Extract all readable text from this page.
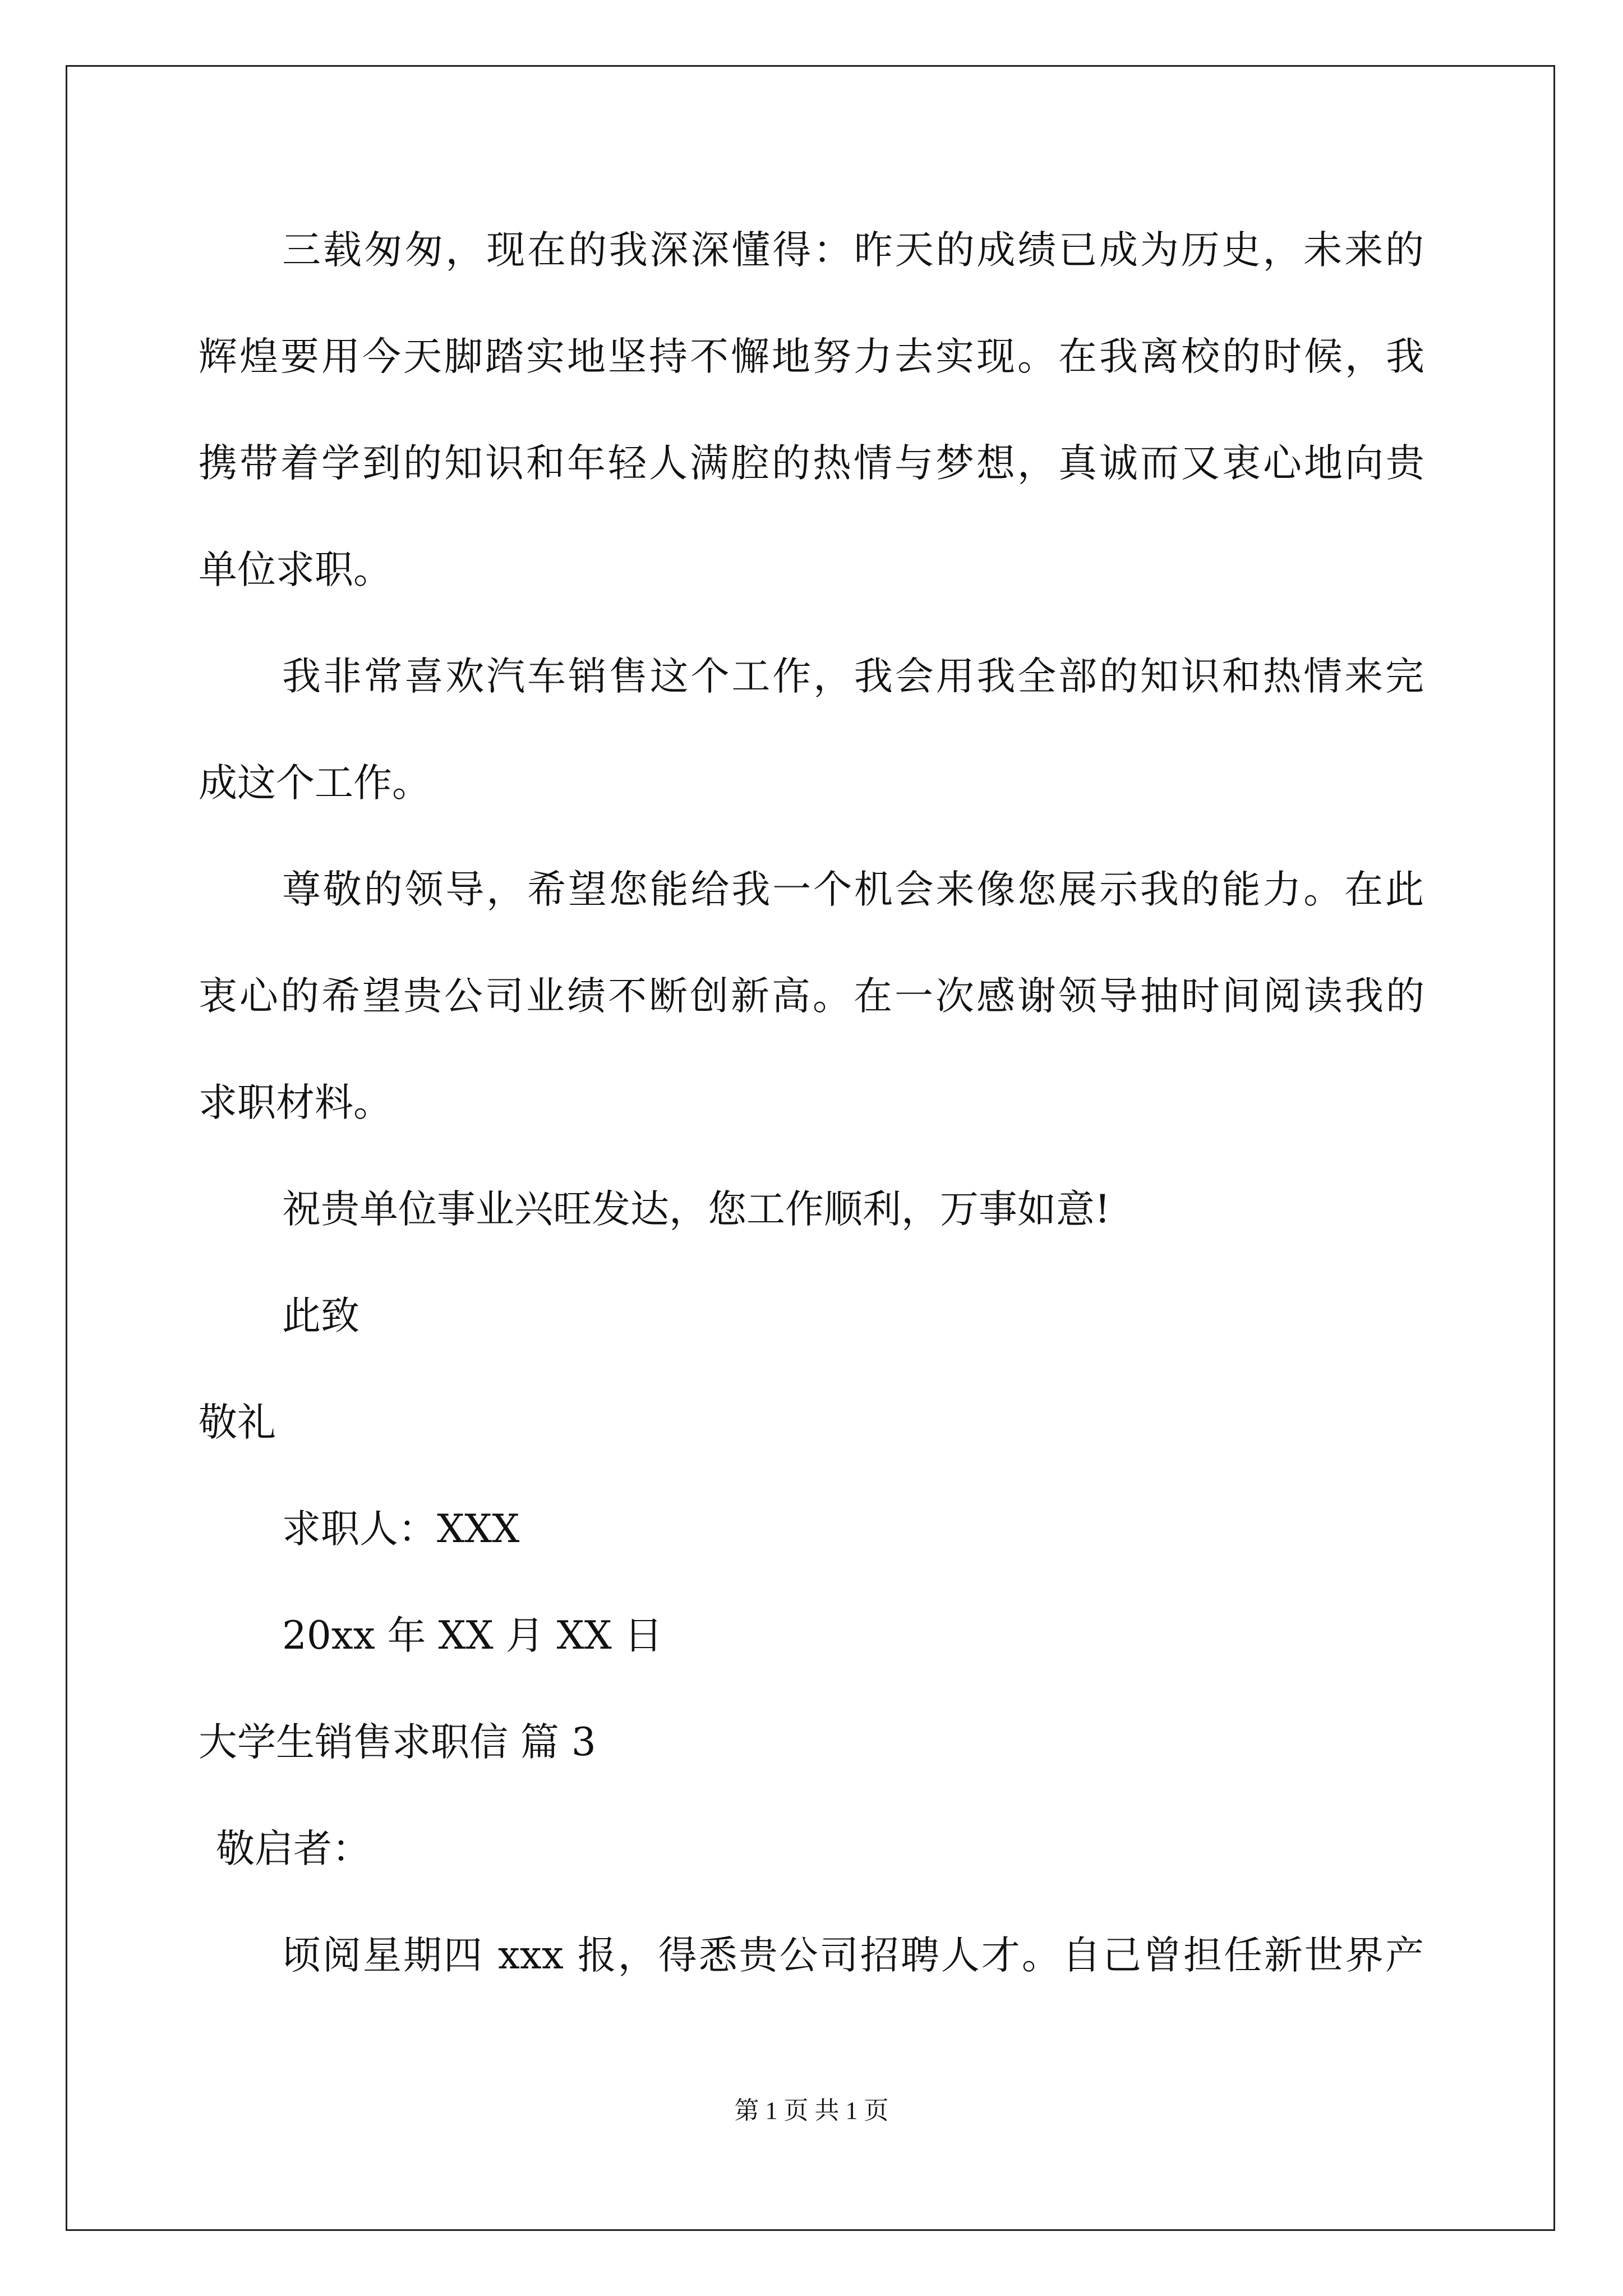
三载匆匆，现在的我深深懂得：昨天的成绩已成为历史，未来的
辉煌要用今天脚踏实地坚持不懈地努力去实现。在我离校的时候，我
携带着学到的知识和年轻人满腔的热情与梦想，真诚而又衷心地向贵
单位求职。
我非常喜欢汽车销售这个工作，我会用我全部的知识和热情来完
成这个工作。
尊敬的领导，希望您能给我一个机会来像您展示我的能力。在此
衷心的希望贵公司业绩不断创新高。在一次感谢领导抽时间阅读我的
求职材料。
祝贵单位事业兴旺发达，您工作顺利，万事如意!
此致
敬礼
求职人：XXX
20xx 年 XX 月 XX 日
大学生销售求职信 篇 3
敬启者：
顷阅星期四 xxx 报，得悉贵公司招聘人才。自己曾担任新世界产
第 1 页 共 1 页
